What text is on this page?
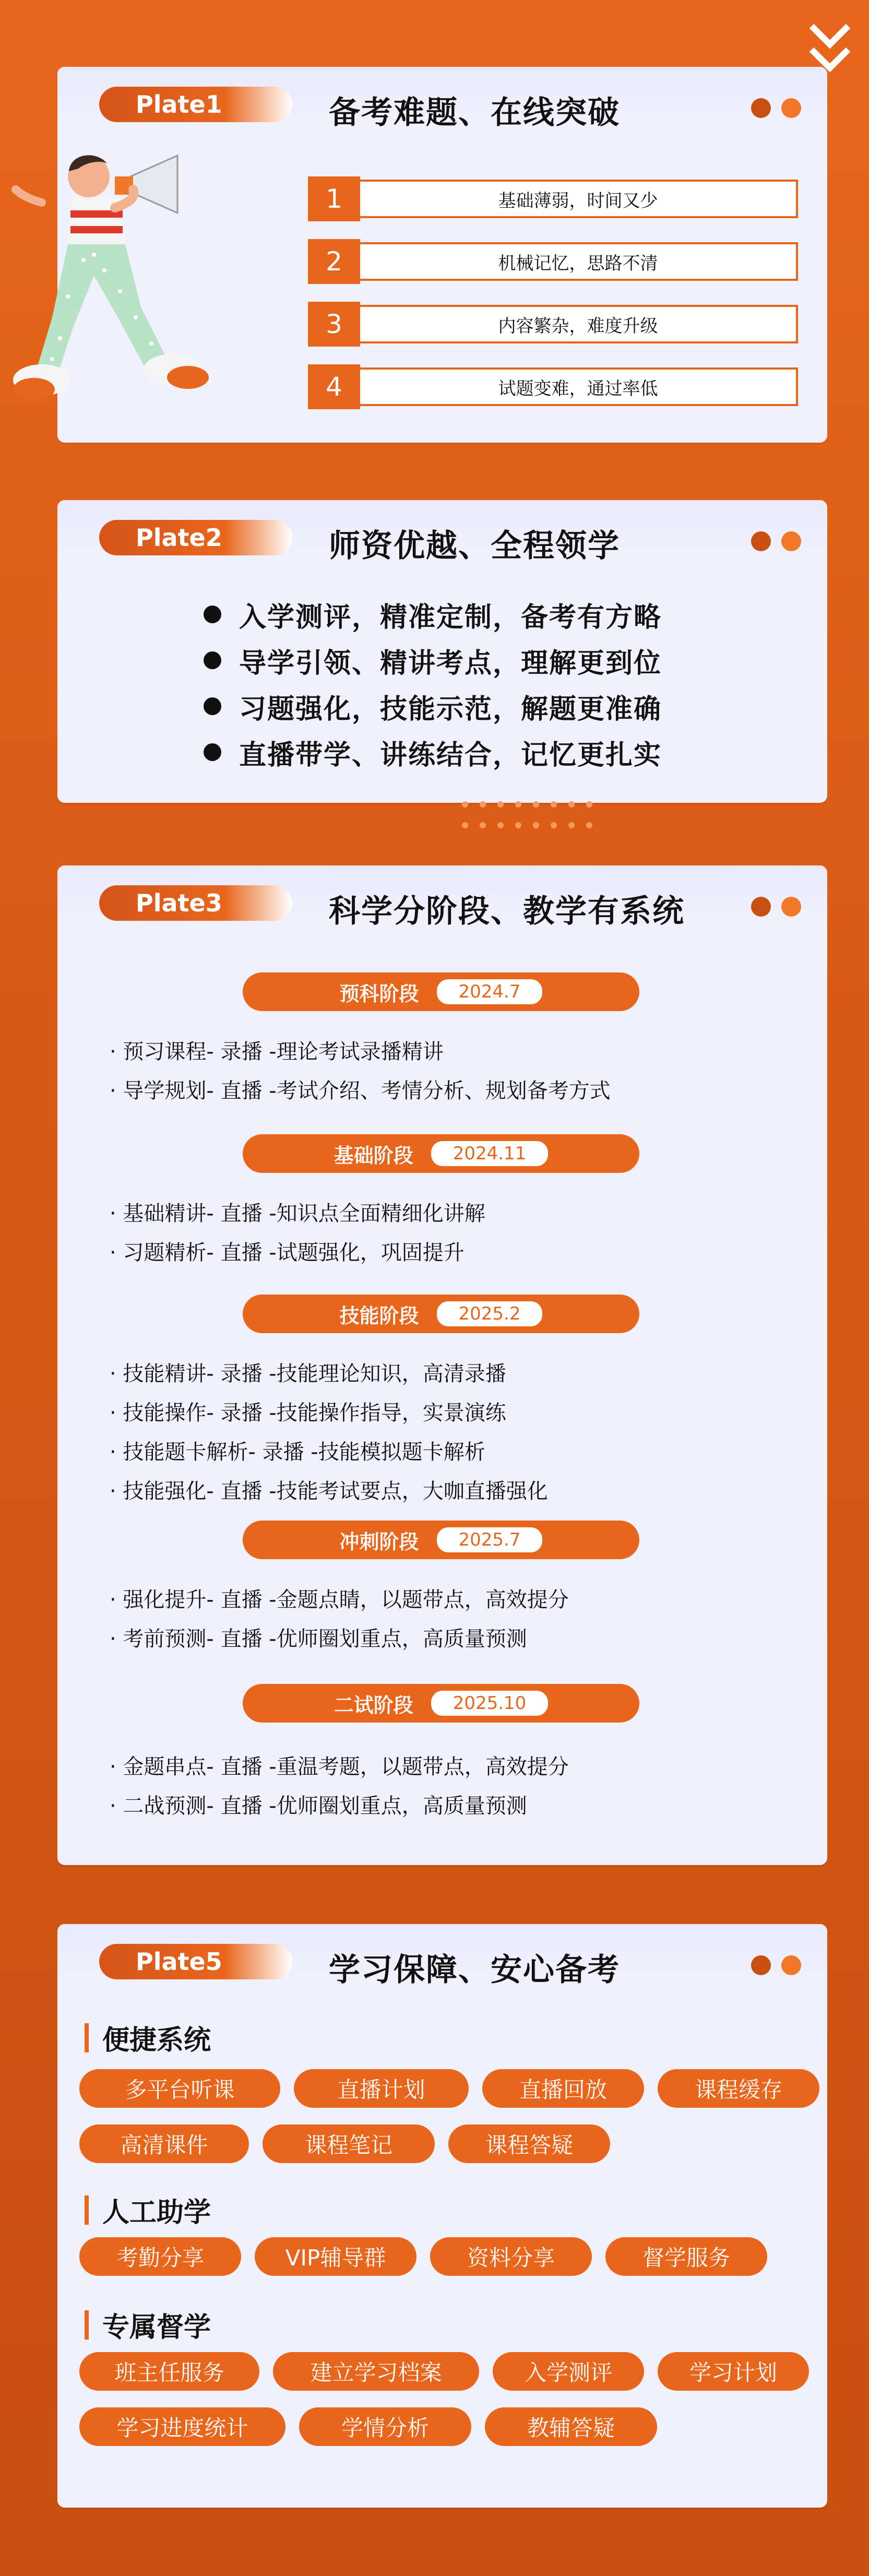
Plate1	备考难题、在线突破
1	基础薄弱，时间又少
2	机械记忆，思路不清
3	内容繁杂，难度升级
4	试题变难，通过率低
Plate2	师资优越、全程领学
入学测评，精准定制，备考有方略
导学引领、精讲考点，理解更到位
习题强化，技能示范，解题更准确
直播带学、讲练结合，记忆更扎实
Plate3	科学分阶段、教学有系统
预科阶段	2024.7
· 预习课程- 录播 -理论考试录播精讲
· 导学规划- 直播 -考试介绍、考情分析、规划备考方式
基础阶段	2024.11
· 基础精讲- 直播 -知识点全面精细化讲解
· 习题精析- 直播 -试题强化，巩固提升
技能阶段	2025.2
· 技能精讲- 录播 -技能理论知识，高清录播
· 技能操作- 录播 -技能操作指导，实景演练
· 技能题卡解析- 录播 -技能模拟题卡解析
· 技能强化- 直播 -技能考试要点，大咖直播强化
冲刺阶段	2025.7
· 强化提升- 直播 -金题点睛，以题带点，高效提分
· 考前预测- 直播 -优师圈划重点，高质量预测
二试阶段	2025.10
· 金题串点- 直播 -重温考题，以题带点，高效提分
· 二战预测- 直播 -优师圈划重点，高质量预测
Plate5	学习保障、安心备考
便捷系统
多平台听课	直播计划	直播回放	课程缓存
高清课件	课程笔记	课程答疑
人工助学
考勤分享	VIP辅导群	资料分享	督学服务
专属督学
班主任服务	建立学习档案	入学测评	学习计划
学习进度统计	学情分析	教辅答疑
